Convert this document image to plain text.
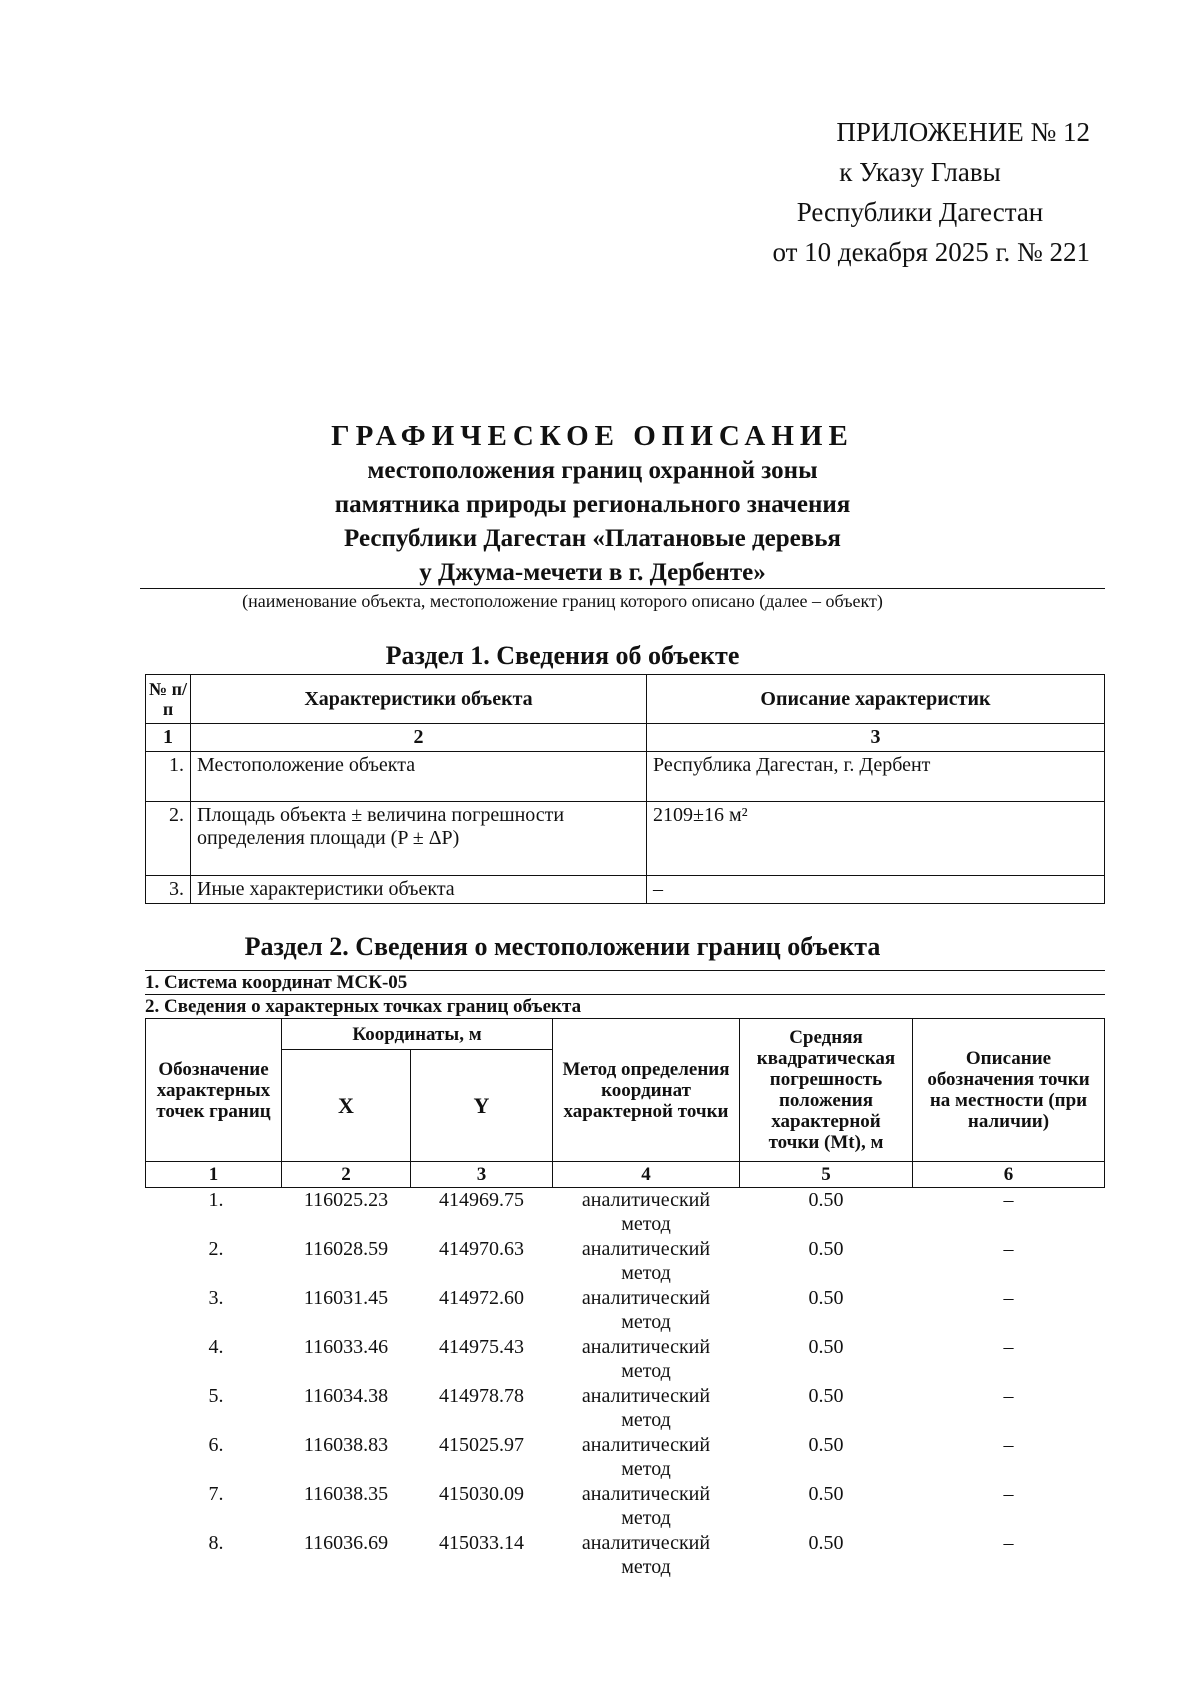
ПРИЛОЖЕНИЕ № 12
к Указу Главы
Республики Дагестан
от 10 декабря 2025 г. № 221
ГРАФИЧЕСКОЕ ОПИСАНИЕ
местоположения границ охранной зоны
памятника природы регионального значения
Республики Дагестан «Платановые деревья
у Джума-мечети в г. Дербенте»
(наименование объекта, местоположение границ которого описано (далее – объект)
Раздел 1. Сведения об объекте
№ п/п	Характеристики объекта	Описание характеристик
1	2	3
1.	Местоположение объекта	Республика Дагестан, г. Дербент
2.	Площадь объекта ± величина погрешности определения площади (P ± ΔP)	2109±16 м²
3.	Иные характеристики объекта	–
Раздел 2. Сведения о местоположении границ объекта
1. Система координат МСК-05
2. Сведения о характерных точках границ объекта
Обозначение характерных точек границ	Координаты, м		Метод определения координат характерной точки	Средняя квадратическая погрешность положения характерной точки (Mt), м	Описание обозначения точки на местности (при наличии)
	X	Y			
1	2	3	4	5	6
1.	116025.23	414969.75	аналитический метод	0.50	–
2.	116028.59	414970.63	аналитический метод	0.50	–
3.	116031.45	414972.60	аналитический метод	0.50	–
4.	116033.46	414975.43	аналитический метод	0.50	–
5.	116034.38	414978.78	аналитический метод	0.50	–
6.	116038.83	415025.97	аналитический метод	0.50	–
7.	116038.35	415030.09	аналитический метод	0.50	–
8.	116036.69	415033.14	аналитический метод	0.50	–
